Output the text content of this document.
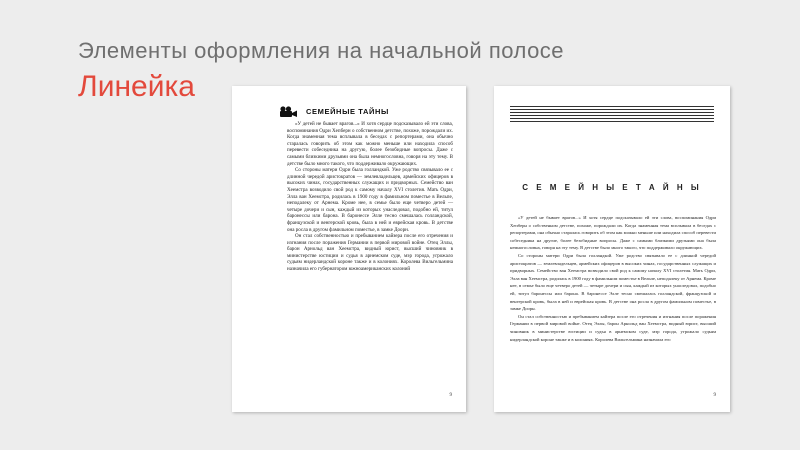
Элементы оформления на начальной полосе
Линейка
СЕМЕЙНЫЕ ТАЙНЫ

«У детей не бывает врагов...» И хотя сердце подсказывало ей эти слова, воспоминания Одри Хепберн о собственном детстве, похоже, порождали их. Когда знаменная тема всплывала в беседах с репортерами, она обычно старалась говорить об этом как можно меньше или находила способ перевести собеседника на другую, более безобидные вопросы. Даже с самыми близкими друзьями она была немногословна, говоря на эту тему. В детстве было много такого, что поддерживало окружающих.

Со стороны матери Одри была голландкой. Уже родство связывало ее с длинной чередой аристократов — землевладельцев, армейских офицеров в высоких чинах, государственных служащих и придворных. Семейство ван Хеемстра возводило свой род к самому началу XVI столетия. Мать Одри, Элла ван Хеемстра, родилась в 1900 году в фамильном поместье в Вельпе, неподалеку от Арнема. Кроме нее, в семье было еще четверо детей — четыре дочери и сын, каждый из которых унаследовал, подобно ей, титул баронессы или барона. В баронессе Элле тесно смешалась голландской, французской и венгерской кровь, была в ней и еврейская кровь. В детстве она росла в другом фамильном поместье, в замке Доорн.

Он стал собственностью и пребыванием кайзера после его отречения и изгнания после поражения Германии в первой мировой войне. Отец Эллы, барон Арнольд ван Хеемстра, видный юрист, высший чиновник в министерстве юстиции и судья в арнемском суде, мэр города, угрожало судьям нидерландской короне также и в колониях. Королева Вильгельмина назначила его губернатором южноамериканских колоний

9
С Е М Е Й Н Ы Е Т А Й Н Ы

«У детей не бывает врагов...» И хотя сердце подсказывало ей эти слова, воспоминания Одри Хепберн о собственном детстве, похоже, порождали их. Когда знаменная тема всплывала в беседах с репортерами, она обычно старалась говорить об этом как можно меньше или находила способ перевести собеседника на другие, более безобидные вопросы. Даже с самыми близкими друзьями она была немногословна, говоря на эту тему. В детстве было много такого, что поддерживало окружающих.

Со стороны матери Одри была голландкой. Уже родство связывало ее с длинной чередой аристократов — землевладельцев, армейских офицеров в высоких чинах, государственных служащих и придворных. Семейство ван Хеемстра возводило свой род к самому началу XVI столетия. Мать Одри, Элла ван Хеемстра, родилась в 1900 году в фамильном поместье в Вельпе, неподалеку от Арнема. Кроме нее, в семье было еще четверо детей — четыре дочери и сын, каждый из которых унаследовал, подобно ей, титул баронессы или барона. В баронессе Элле тесно смешалась голландской, французской и венгерской кровь, была в ней и еврейская кровь. В детстве она росла в другом фамильном поместье, в замке Доорн.

Он стал собственностью и пребыванием кайзера после его отречения и изгнания после поражения Германии в первой мировой войне. Отец Эллы, барон Арнольд ван Хеемстра, видный юрист, высший чиновник в министерстве юстиции и судья в арнемском суде, мэр города, угрожало судьям нидерландской короне также и в колониях. Королева Вильгельмина назначила его

9
